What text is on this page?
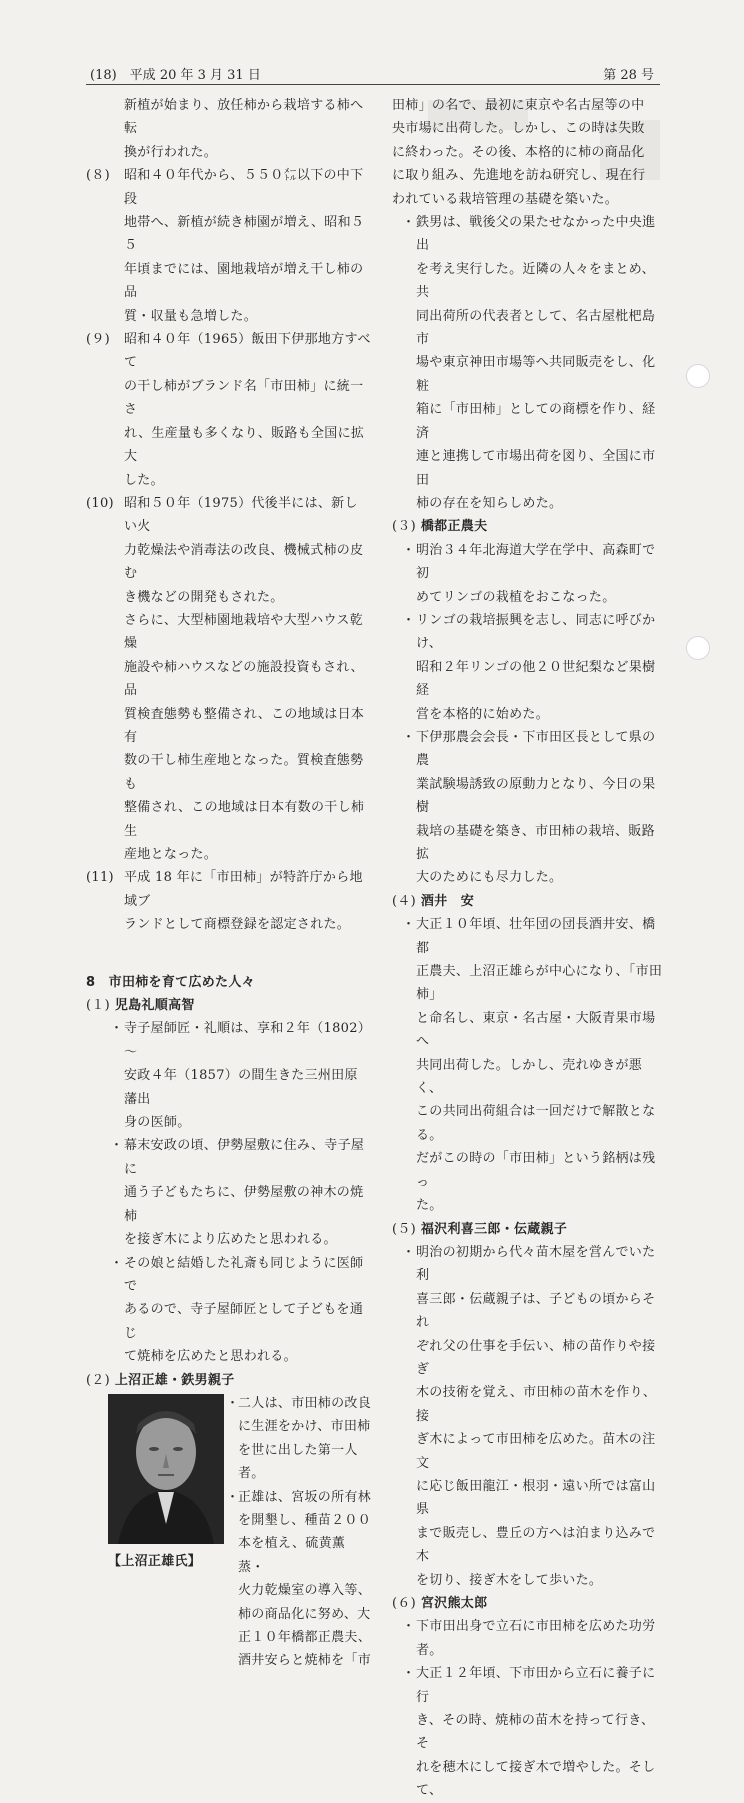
(18)　平成 20 年 3 月 31 日	第 28 号
新植が始まり、放任柿から栽培する柿へ転
換が行われた。
(８) 昭和４０年代から、５５０㍍以下の中下段
地帯へ、新植が続き柿園が増え、昭和５５
年頃までには、園地栽培が増え干し柿の品
質・収量も急増した。
(９) 昭和４０年（1965）飯田下伊那地方すべて
の干し柿がブランド名「市田柿」に統一さ
れ、生産量も多くなり、販路も全国に拡大
した。
(10) 昭和５０年（1975）代後半には、新しい火
力乾燥法や消毒法の改良、機械式柿の皮む
き機などの開発もされた。
さらに、大型柿園地栽培や大型ハウス乾燥
施設や柿ハウスなどの施設投資もされ、品
質検査態勢も整備され、この地域は日本有
数の干し柿生産地となった。質検査態勢も
整備され、この地域は日本有数の干し柿生
産地となった。
(11) 平成 18 年に「市田柿」が特許庁から地域ブ
ランドとして商標登録を認定された。
8　市田柿を育て広めた人々
(１) 児島礼順高智
・ 寺子屋師匠・礼順は、享和２年（1802）～
安政４年（1857）の間生きた三州田原藩出
身の医師。
・ 幕末安政の頃、伊勢屋敷に住み、寺子屋に
通う子どもたちに、伊勢屋敷の神木の焼柿
を接ぎ木により広めたと思われる。
・ その娘と結婚した礼斎も同じように医師で
あるので、寺子屋師匠として子どもを通じ
て焼柿を広めたと思われる。
(２) 上沼正雄・鉄男親子
【上沼正雄氏】
・
二人は、市田柿の改良
に生涯をかけ、市田柿
を世に出した第一人者。
・
正雄は、宮坂の所有林
を開墾し、種苗２００
本を植え、硫黄薫蒸・
火力乾燥室の導入等、
柿の商品化に努め、大
正１０年橋都正農夫、
酒井安らと焼柿を「市
田柿」の名で、最初に東京や名古屋等の中
央市場に出荷した。しかし、この時は失敗
に終わった。その後、本格的に柿の商品化
に取り組み、先進地を訪ね研究し、現在行
われている栽培管理の基礎を築いた。
・ 鉄男は、戦後父の果たせなかった中央進出
を考え実行した。近隣の人々をまとめ、共
同出荷所の代表者として、名古屋枇杷島市
場や東京神田市場等へ共同販売をし、化粧
箱に「市田柿」としての商標を作り、経済
連と連携して市場出荷を図り、全国に市田
柿の存在を知らしめた。
(３) 橋都正農夫
・ 明治３４年北海道大学在学中、高森町で初
めてリンゴの栽植をおこなった。
・ リンゴの栽培振興を志し、同志に呼びかけ、
昭和２年リンゴの他２０世紀梨など果樹経
営を本格的に始めた。
・ 下伊那農会会長・下市田区長として県の農
業試験場誘致の原動力となり、今日の果樹
栽培の基礎を築き、市田柿の栽培、販路拡
大のためにも尽力した。
(４) 酒井　安
・ 大正１０年頃、壮年団の団長酒井安、橋都
正農夫、上沼正雄らが中心になり、｢市田柿｣
と命名し、東京・名古屋・大阪青果市場へ
共同出荷した。しかし、売れゆきが悪く、
この共同出荷組合は一回だけで解散となる。
だがこの時の「市田柿」という銘柄は残っ
た。
(５) 福沢利喜三郎・伝蔵親子
・ 明治の初期から代々苗木屋を営んでいた利
喜三郎・伝蔵親子は、子どもの頃からそれ
ぞれ父の仕事を手伝い、柿の苗作りや接ぎ
木の技術を覚え、市田柿の苗木を作り、接
ぎ木によって市田柿を広めた。苗木の注文
に応じ飯田龍江・根羽・遠い所では富山県
まで販売し、豊丘の方へは泊まり込みで木
を切り、接ぎ木をして歩いた。
(６) 宮沢熊太郎
・ 下市田出身で立石に市田柿を広めた功労者。
・ 大正１２年頃、下市田から立石に養子に行
き、その時、焼柿の苗木を持って行き、そ
れを穂木にして接ぎ木で増やした。そして、
